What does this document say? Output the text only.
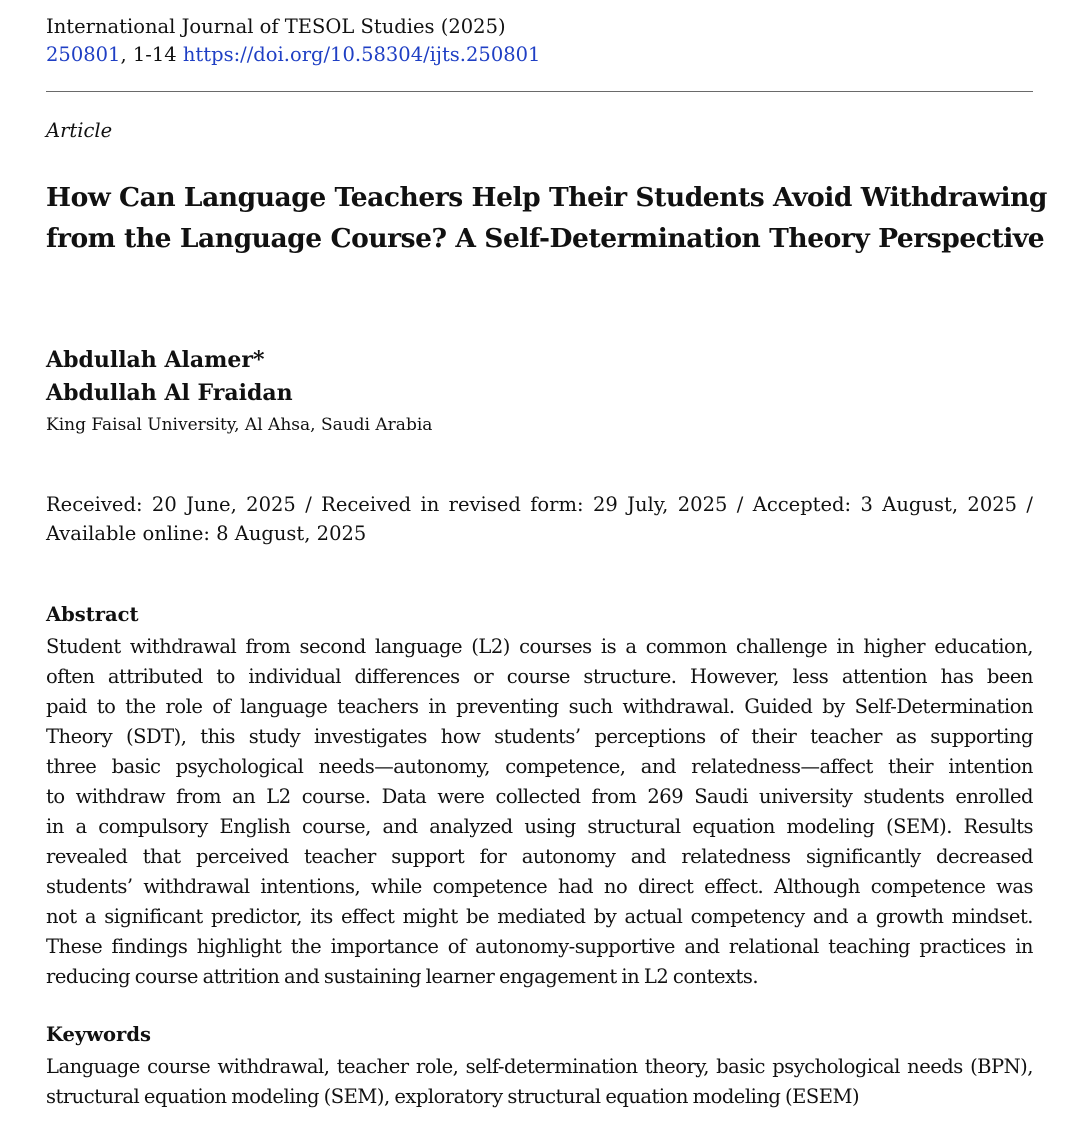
International Journal of TESOL Studies (2025)
250801, 1-14 https://doi.org/10.58304/ijts.250801
Article
How Can Language Teachers Help Their Students Avoid Withdrawing
from the Language Course? A Self-Determination Theory Perspective
Abdullah Alamer*
Abdullah Al Fraidan
King Faisal University, Al Ahsa, Saudi Arabia
Received: 20 June, 2025 / Received in revised form: 29 July, 2025 / Accepted: 3 August, 2025 /
Available online: 8 August, 2025
Abstract
Student withdrawal from second language (L2) courses is a common challenge in higher education,
often attributed to individual differences or course structure. However, less attention has been
paid to the role of language teachers in preventing such withdrawal. Guided by Self-Determination
Theory (SDT), this study investigates how students’ perceptions of their teacher as supporting
three basic psychological needs—autonomy, competence, and relatedness—affect their intention
to withdraw from an L2 course. Data were collected from 269 Saudi university students enrolled
in a compulsory English course, and analyzed using structural equation modeling (SEM). Results
revealed that perceived teacher support for autonomy and relatedness significantly decreased
students’ withdrawal intentions, while competence had no direct effect. Although competence was
not a significant predictor, its effect might be mediated by actual competency and a growth mindset.
These findings highlight the importance of autonomy-supportive and relational teaching practices in
reducing course attrition and sustaining learner engagement in L2 contexts.
Keywords
Language course withdrawal, teacher role, self-determination theory, basic psychological needs (BPN),
structural equation modeling (SEM), exploratory structural equation modeling (ESEM)
